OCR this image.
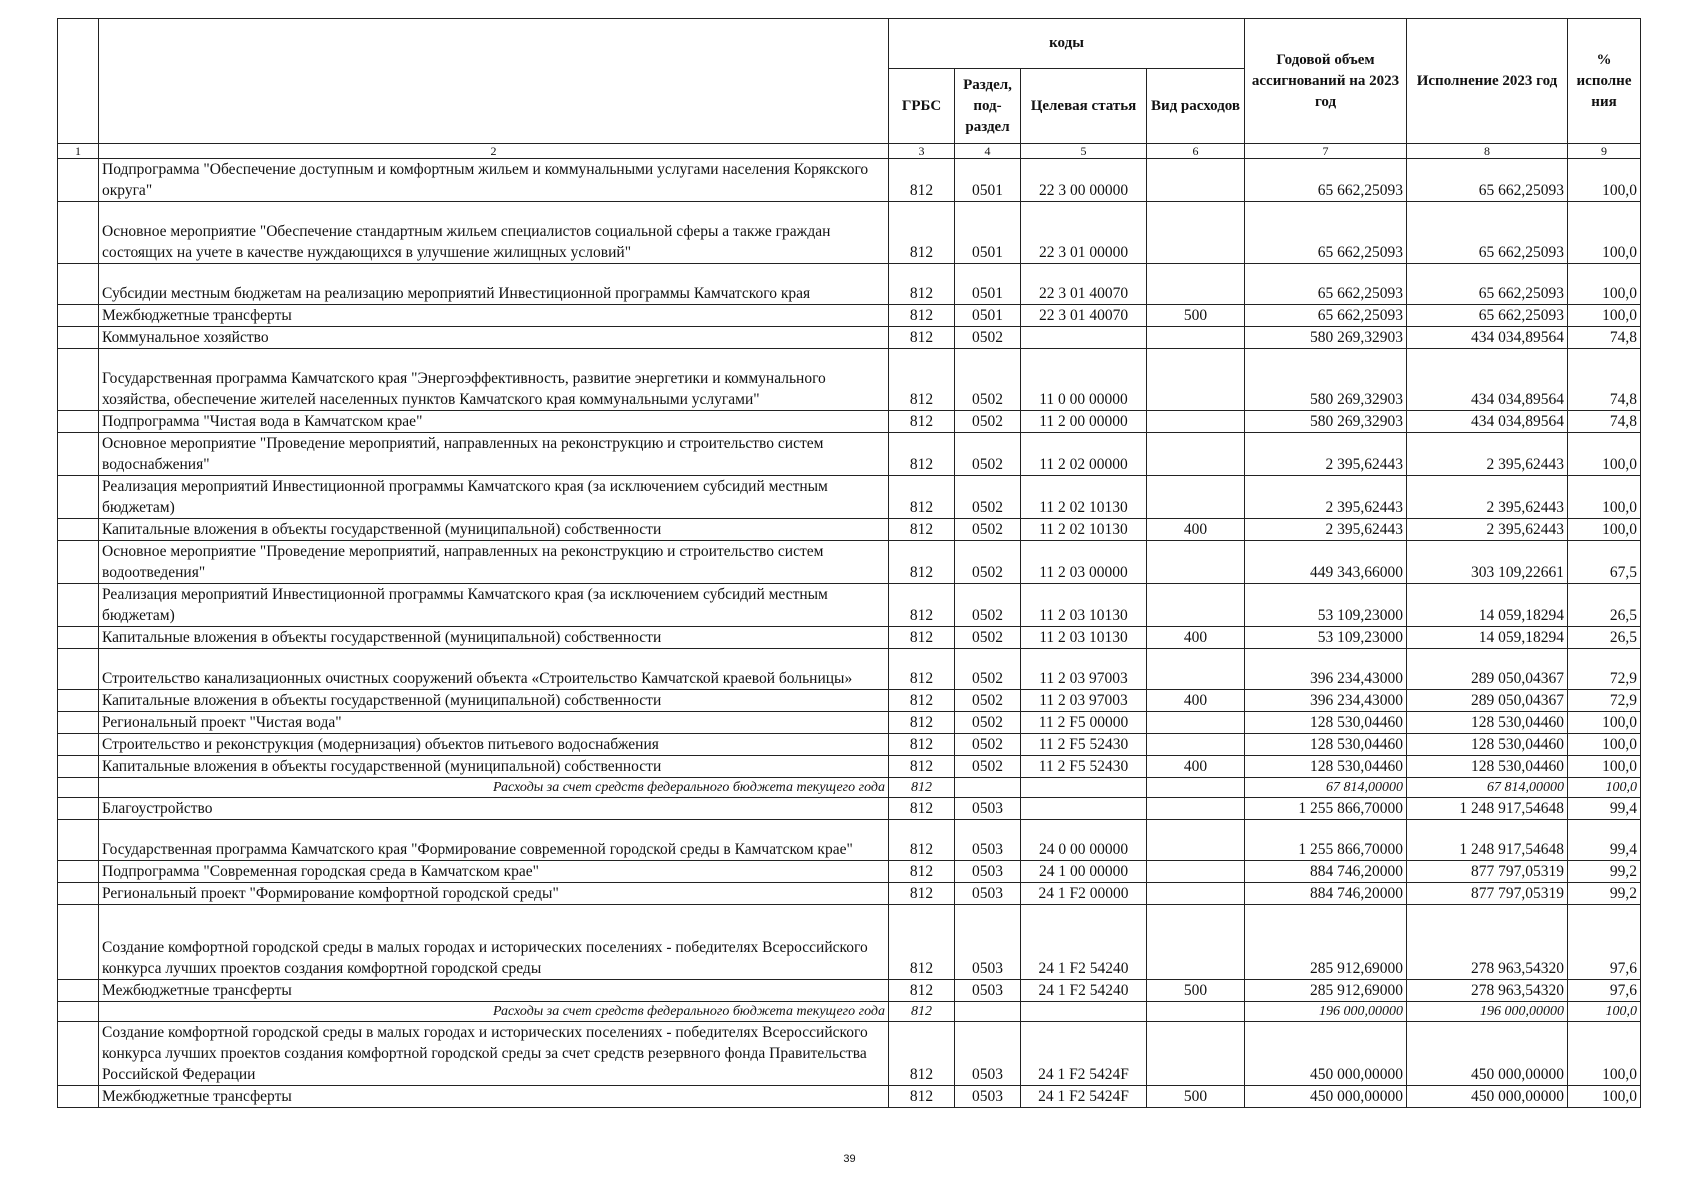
		коды				Годовой объем ассигнований на 2023 год	Исполнение 2023 год	% исполне ния
		ГРБС	Раздел, под-раздел	Целевая статья	Вид расходов			
1	2	3	4	5	6	7	8	9
	Подпрограмма "Обеспечение доступным и комфортным жильем и коммунальными услугами населения Корякского округа"	812	0501	22 3 00 00000		65 662,25093	65 662,25093	100,0
	Основное мероприятие "Обеспечение стандартным жильем специалистов социальной сферы а также граждан состоящих на учете в качестве нуждающихся в улучшение жилищных условий"	812	0501	22 3 01 00000		65 662,25093	65 662,25093	100,0
	Субсидии местным бюджетам на реализацию мероприятий Инвестиционной программы Камчатского края	812	0501	22 3 01 40070		65 662,25093	65 662,25093	100,0
	Межбюджетные трансферты	812	0501	22 3 01 40070	500	65 662,25093	65 662,25093	100,0
	Коммунальное хозяйство	812	0502			580 269,32903	434 034,89564	74,8
	Государственная программа Камчатского края "Энергоэффективность, развитие энергетики и коммунального хозяйства, обеспечение жителей населенных пунктов Камчатского края коммунальными услугами"	812	0502	11 0 00 00000		580 269,32903	434 034,89564	74,8
	Подпрограмма "Чистая вода в Камчатском крае"	812	0502	11 2 00 00000		580 269,32903	434 034,89564	74,8
	Основное мероприятие "Проведение мероприятий, направленных на реконструкцию и строительство систем водоснабжения"	812	0502	11 2 02 00000		2 395,62443	2 395,62443	100,0
	Реализация мероприятий Инвестиционной программы Камчатского края (за исключением субсидий местным бюджетам)	812	0502	11 2 02 10130		2 395,62443	2 395,62443	100,0
	Капитальные вложения в объекты государственной (муниципальной) собственности	812	0502	11 2 02 10130	400	2 395,62443	2 395,62443	100,0
	Основное мероприятие "Проведение мероприятий, направленных на реконструкцию и строительство систем водоотведения"	812	0502	11 2 03 00000		449 343,66000	303 109,22661	67,5
	Реализация мероприятий Инвестиционной программы Камчатского края (за исключением субсидий местным бюджетам)	812	0502	11 2 03 10130		53 109,23000	14 059,18294	26,5
	Капитальные вложения в объекты государственной (муниципальной) собственности	812	0502	11 2 03 10130	400	53 109,23000	14 059,18294	26,5
	Строительство канализационных очистных сооружений объекта «Строительство Камчатской краевой больницы»	812	0502	11 2 03 97003		396 234,43000	289 050,04367	72,9
	Капитальные вложения в объекты государственной (муниципальной) собственности	812	0502	11 2 03 97003	400	396 234,43000	289 050,04367	72,9
	Региональный проект "Чистая вода"	812	0502	11 2 F5 00000		128 530,04460	128 530,04460	100,0
	Строительство и реконструкция (модернизация) объектов питьевого водоснабжения	812	0502	11 2 F5 52430		128 530,04460	128 530,04460	100,0
	Капитальные вложения в объекты государственной (муниципальной) собственности	812	0502	11 2 F5 52430	400	128 530,04460	128 530,04460	100,0
	Расходы за счет средств федерального бюджета текущего года	812				67 814,00000	67 814,00000	100,0
	Благоустройство	812	0503			1 255 866,70000	1 248 917,54648	99,4
	Государственная программа Камчатского края "Формирование современной городской среды в Камчатском крае"	812	0503	24 0 00 00000		1 255 866,70000	1 248 917,54648	99,4
	Подпрограмма "Современная городская среда в Камчатском крае"	812	0503	24 1 00 00000		884 746,20000	877 797,05319	99,2
	Региональный проект "Формирование комфортной городской среды"	812	0503	24 1 F2 00000		884 746,20000	877 797,05319	99,2
	Создание комфортной городской среды в малых городах и исторических поселениях - победителях Всероссийского конкурса лучших проектов создания комфортной городской среды	812	0503	24 1 F2 54240		285 912,69000	278 963,54320	97,6
	Межбюджетные трансферты	812	0503	24 1 F2 54240	500	285 912,69000	278 963,54320	97,6
	Расходы за счет средств федерального бюджета текущего года	812				196 000,00000	196 000,00000	100,0
	Создание комфортной городской среды в малых городах и исторических поселениях - победителях Всероссийского конкурса лучших проектов создания комфортной городской среды за счет средств резервного фонда Правительства Российской Федерации	812	0503	24 1 F2 5424F		450 000,00000	450 000,00000	100,0
	Межбюджетные трансферты	812	0503	24 1 F2 5424F	500	450 000,00000	450 000,00000	100,0
39
